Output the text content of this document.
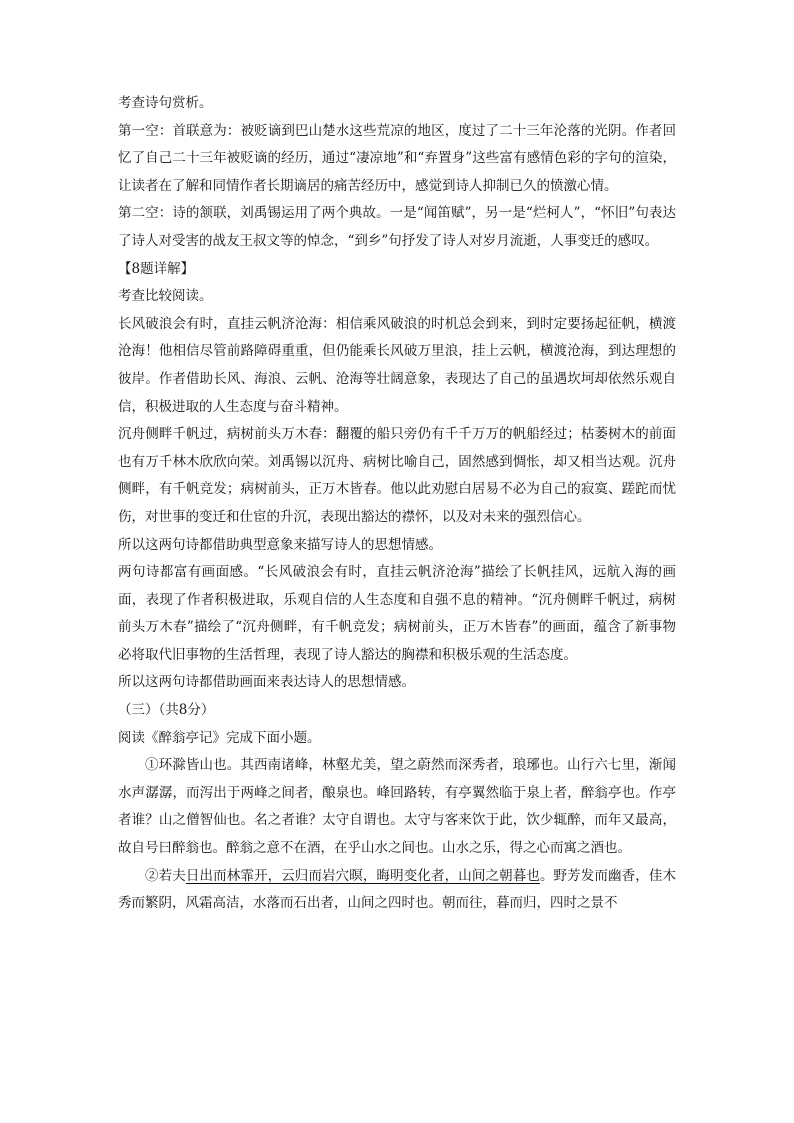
考查诗句赏析。

第一空：首联意为：被贬谪到巴山楚水这些荒凉的地区，度过了二十三年沦落的光阴。作者回忆了自己二十三年被贬谪的经历，通过“凄凉地”和“弃置身”这些富有感情色彩的字句的渲染，让读者在了解和同情作者长期谪居的痛苦经历中，感觉到诗人抑制已久的愤激心情。

第二空：诗的颔联，刘禹锡运用了两个典故。一是“闻笛赋”，另一是“烂柯人”，“怀旧”句表达了诗人对受害的战友王叔文等的悼念，“到乡”句抒发了诗人对岁月流逝，人事变迁的感叹。

【8题详解】

考查比较阅读。

长风破浪会有时，直挂云帆济沧海：相信乘风破浪的时机总会到来，到时定要扬起征帆，横渡沧海！他相信尽管前路障碍重重，但仍能乘长风破万里浪，挂上云帆，横渡沧海，到达理想的彼岸。作者借助长风、海浪、云帆、沧海等壮阔意象，表现达了自己的虽遇坎坷却依然乐观自信，积极进取的人生态度与奋斗精神。

沉舟侧畔千帆过，病树前头万木春：翻覆的船只旁仍有千千万万的帆船经过；枯萎树木的前面也有万千林木欣欣向荣。刘禹锡以沉舟、病树比喻自己，固然感到惆怅，却又相当达观。沉舟侧畔，有千帆竞发；病树前头，正万木皆春。他以此劝慰白居易不必为自己的寂寞、蹉跎而忧伤，对世事的变迁和仕宦的升沉，表现出豁达的襟怀，以及对未来的强烈信心。

所以这两句诗都借助典型意象来描写诗人的思想情感。

两句诗都富有画面感。“长风破浪会有时，直挂云帆济沧海”描绘了长帆挂风，远航入海的画面，表现了作者积极进取，乐观自信的人生态度和自强不息的精神。“沉舟侧畔千帆过，病树前头万木春”描绘了“沉舟侧畔，有千帆竞发；病树前头，正万木皆春”的画面，蕴含了新事物必将取代旧事物的生活哲理，表现了诗人豁达的胸襟和积极乐观的生活态度。

所以这两句诗都借助画面来表达诗人的思想情感。

（三）（共8分）

阅读《醉翁亭记》完成下面小题。

①环滁皆山也。其西南诸峰，林壑尤美，望之蔚然而深秀者，琅琊也。山行六七里，渐闻水声潺潺，而泻出于两峰之间者，酿泉也。峰回路转，有亭翼然临于泉上者，醉翁亭也。作亭者谁？山之僧智仙也。名之者谁？太守自谓也。太守与客来饮于此，饮少辄醉，而年又最高，故自号曰醉翁也。醉翁之意不在酒，在乎山水之间也。山水之乐，得之心而寓之酒也。

②若夫日出而林霏开，云归而岩穴暝，晦明变化者，山间之朝暮也。野芳发而幽香，佳木秀而繁阴，风霜高洁，水落而石出者，山间之四时也。朝而往，暮而归，四时之景不
